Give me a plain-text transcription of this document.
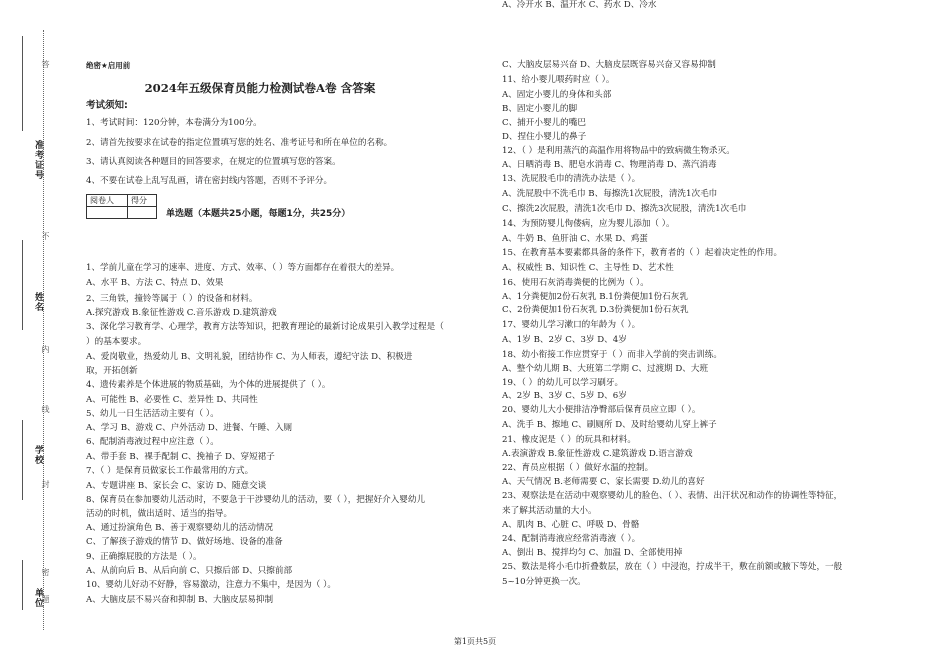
准考证号
姓名
学校
单位
答
不
内
线
封
题
密
绝密★启用前
2024年五级保育员能力检测试卷A卷 含答案
考试须知:
1、考试时间：120分钟，本卷满分为100分。
2、请首先按要求在试卷的指定位置填写您的姓名、准考证号和所在单位的名称。
3、请认真阅读各种题目的回答要求，在规定的位置填写您的答案。
4、不要在试卷上乱写乱画，请在密封线内答题，否则不予评分。
阅卷人	得分

单选题（本题共25小题，每题1分，共25分）
1、学前儿童在学习的速率、进度、方式、效率、（ ）等方面都存在着很大的差异。
A、水平 B、方法 C、特点 D、效果
2、三角铁，撞铃等属于（ ）的设备和材料。
A.探究游戏 B.象征性游戏 C.音乐游戏 D.建筑游戏
3、深化学习教育学、心理学，教育方法等知识，把教育理论的最新讨论成果引入教学过程是（
）的基本要求。
A、爱岗敬业，热爱幼儿 B、文明礼貌，团结协作 C、为人师表，遵纪守法 D、积极进
取，开拓创新
4、遗传素养是个体进展的物质基础，为个体的进展提供了（ ）。
A、可能性 B、必要性 C、差异性 D、共同性
5、幼儿一日生活活动主要有（ ）。
A、学习 B、游戏 C、户外活动 D、进餐、午睡、入厕
6、配制消毒液过程中应注意（ ）。
A、带手套 B、裸手配制 C、挽袖子 D、穿短裙子
7、（ ）是保育员做家长工作最常用的方式。
A、专题讲座 B、家长会 C、家访 D、随意交谈
8、保育员在参加婴幼儿活动时，不要急于干涉婴幼儿的活动，要（ ），把握好介入婴幼儿
活动的时机，做出适时、适当的指导。
A、通过扮演角色 B、善于观察婴幼儿的活动情况
C、了解孩子游戏的情节 D、做好场地、设备的准备
9、正确擦屁股的方法是（ ）。
A、从前向后 B、从后向前 C、只擦后部 D、只擦前部
10、婴幼儿好动不好静，容易激动，注意力不集中，是因为（ ）。
A、大脑皮层不易兴奋和抑制 B、大脑皮层易抑制
C、大脑皮层易兴奋 D、大脑皮层既容易兴奋又容易抑制
11、给小婴儿喂药时应（ ）。
A、固定小婴儿的身体和头部
B、固定小婴儿的脚
C、捕开小婴儿的嘴巴
D、捏住小婴儿的鼻子
12、（ ）是利用蒸汽的高温作用将物品中的致病微生物杀灭。
A、日晒消毒 B、肥皂水消毒 C、物理消毒 D、蒸汽消毒
13、洗屁股毛巾的清洗办法是（ ）。
A、洗屁股中不洗毛巾 B、每擦洗1次屁股，清洗1次毛巾
C、擦洗2次屁股，清洗1次毛巾 D、擦洗3次屁股，清洗1次毛巾
14、为预防婴儿佝偻病，应为婴儿添加（ ）。
A、牛奶 B、鱼肝油 C、水果 D、鸡蛋
15、在教育基本要素都具备的条件下，教育者的（ ）起着决定性的作用。
A、权威性 B、知识性 C、主导性 D、艺术性
16、使用石灰消毒粪便的比例为（ ）。
A、1分粪便加2份石灰乳 B.1份粪便加1份石灰乳
C、2份粪便加1份石灰乳 D.3份粪便加1份石灰乳
17、婴幼儿学习漱口的年龄为（ ）。
A、1岁 B、2岁 C、3岁 D、4岁
18、幼小衔接工作应贯穿于（ ）而非入学前的突击训练。
A、整个幼儿期 B、大班第二学期 C、过渡期 D、大班
19、（ ）的幼儿可以学习刷牙。
A、2岁 B、3岁 C、5岁 D、6岁
20、婴幼儿大小便排洁净臀部后保育员应立即（ ）。
A、洗手 B、擦地 C、刷厕所 D、及时给婴幼儿穿上裤子
21、橡皮泥是（ ）的玩具和材料。
A.表演游戏 B.象征性游戏 C.建筑游戏 D.语言游戏
22、育员应根据（ ）做好水温的控制。
A、天气情况 B.老师需要 C、家长需要 D.幼儿的喜好
23、观察法是在活动中观察婴幼儿的脸色、（ ）、表情、出汗状况和动作的协调性等特征，
来了解其活动量的大小。
A、肌肉 B、心脏 C、呼吸 D、骨骼
24、配制消毒液应经常消毒液（ ）。
A、倒出 B、搅拌均匀 C、加温 D、全部使用掉
25、数法是将小毛巾折叠数层，放在（ ）中浸泡，拧成半干，敷在前额或腋下等处，一般
5~10分钟更换一次。
A、冷开水 B、温开水 C、药水 D、冷水
第1页共5页
